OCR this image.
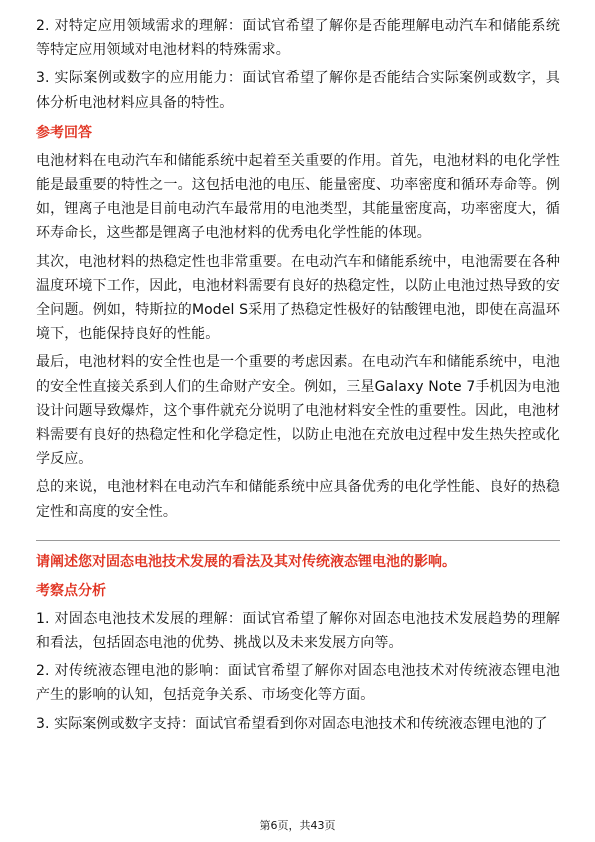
2. 对特定应用领域需求的理解：面试官希望了解你是否能理解电动汽车和储能系统等特定应用领域对电池材料的特殊需求。

3. 实际案例或数字的应用能力：面试官希望了解你是否能结合实际案例或数字，具体分析电池材料应具备的特性。

参考回答

电池材料在电动汽车和储能系统中起着至关重要的作用。首先，电池材料的电化学性能是最重要的特性之一。这包括电池的电压、能量密度、功率密度和循环寿命等。例如，锂离子电池是目前电动汽车最常用的电池类型，其能量密度高，功率密度大，循环寿命长，这些都是锂离子电池材料的优秀电化学性能的体现。

其次，电池材料的热稳定性也非常重要。在电动汽车和储能系统中，电池需要在各种温度环境下工作，因此，电池材料需要有良好的热稳定性，以防止电池过热导致的安全问题。例如，特斯拉的Model S采用了热稳定性极好的钴酸锂电池，即使在高温环境下，也能保持良好的性能。

最后，电池材料的安全性也是一个重要的考虑因素。在电动汽车和储能系统中，电池的安全性直接关系到人们的生命财产安全。例如，三星Galaxy Note 7手机因为电池设计问题导致爆炸，这个事件就充分说明了电池材料安全性的重要性。因此，电池材料需要有良好的热稳定性和化学稳定性，以防止电池在充放电过程中发生热失控或化学反应。

总的来说，电池材料在电动汽车和储能系统中应具备优秀的电化学性能、良好的热稳定性和高度的安全性。

请阐述您对固态电池技术发展的看法及其对传统液态锂电池的影响。
考察点分析

1. 对固态电池技术发展的理解：面试官希望了解你对固态电池技术发展趋势的理解和看法，包括固态电池的优势、挑战以及未来发展方向等。

2. 对传统液态锂电池的影响：面试官希望了解你对固态电池技术对传统液态锂电池产生的影响的认知，包括竞争关系、市场变化等方面。

3. 实际案例或数字支持：面试官希望看到你对固态电池技术和传统液态锂电池的了

第6页，共43页
